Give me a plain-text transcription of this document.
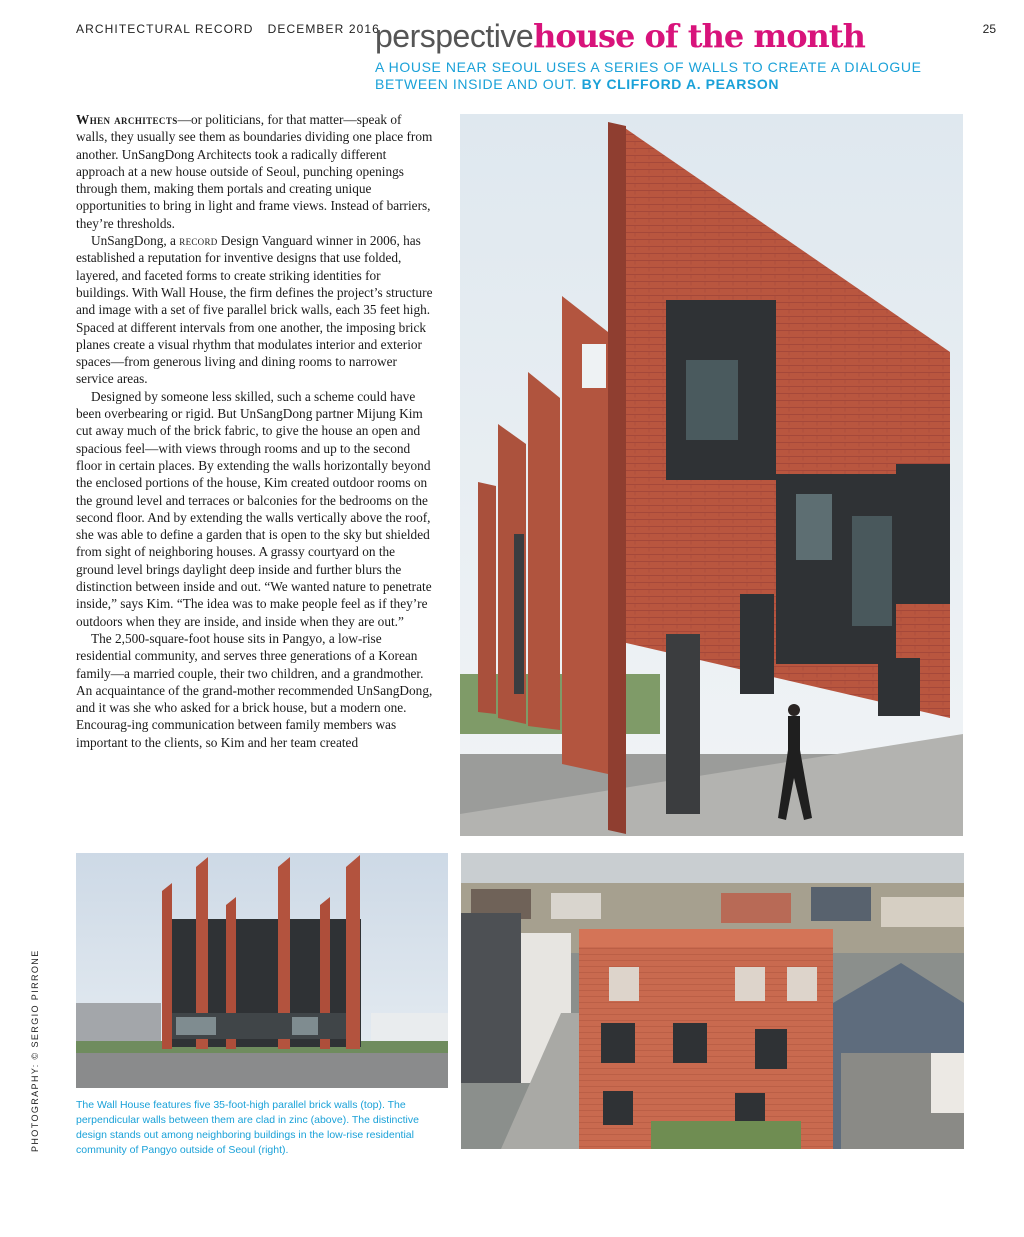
ARCHITECTURAL RECORD DECEMBER 2016	25
perspectivehouse of the month
A HOUSE NEAR SEOUL USES A SERIES OF WALLS TO CREATE A DIALOGUE BETWEEN INSIDE AND OUT. BY CLIFFORD A. PEARSON

When architects—or politicians, for that matter—speak of walls, they usually see them as boundaries dividing one place from another. UnSangDong Architects took a radically different approach at a new house outside of Seoul, punching openings through them, making them portals and creating unique opportunities to bring in light and frame views. Instead of barriers, they’re thresholds.

UnSangDong, a record Design Vanguard winner in 2006, has established a reputation for inventive designs that use folded, layered, and faceted forms to create striking identities for buildings. With Wall House, the firm defines the project’s structure and image with a set of five parallel brick walls, each 35 feet high. Spaced at different intervals from one another, the imposing brick planes create a visual rhythm that modulates interior and exterior spaces—from generous living and dining rooms to narrower service areas.

Designed by someone less skilled, such a scheme could have been overbearing or rigid. But UnSangDong partner Mijung Kim cut away much of the brick fabric, to give the house an open and spacious feel—with views through rooms and up to the second floor in certain places. By extending the walls horizontally beyond the enclosed portions of the house, Kim created outdoor rooms on the ground level and terraces or balconies for the bedrooms on the second floor. And by extending the walls vertically above the roof, she was able to define a garden that is open to the sky but shielded from sight of neighboring houses. A grassy courtyard on the ground level brings daylight deep inside and further blurs the distinction between inside and out. “We wanted nature to penetrate inside,” says Kim. “The idea was to make people feel as if they’re outdoors when they are inside, and inside when they are out.”

The 2,500-square-foot house sits in Pangyo, a low-rise residential community, and serves three generations of a Korean family—a married couple, their two children, and a grandmother. An acquaintance of the grand-mother recommended UnSangDong, and it was she who asked for a brick house, but a modern one. Encourag-ing communication between family members was important to the clients, so Kim and her team created

The Wall House features five 35-foot-high parallel brick walls (top). The perpendicular walls between them are clad in zinc (above). The distinctive design stands out among neighboring buildings in the low-rise residential community of Pangyo outside of Seoul (right).
PHOTOGRAPHY: © SERGIO PIRRONE
